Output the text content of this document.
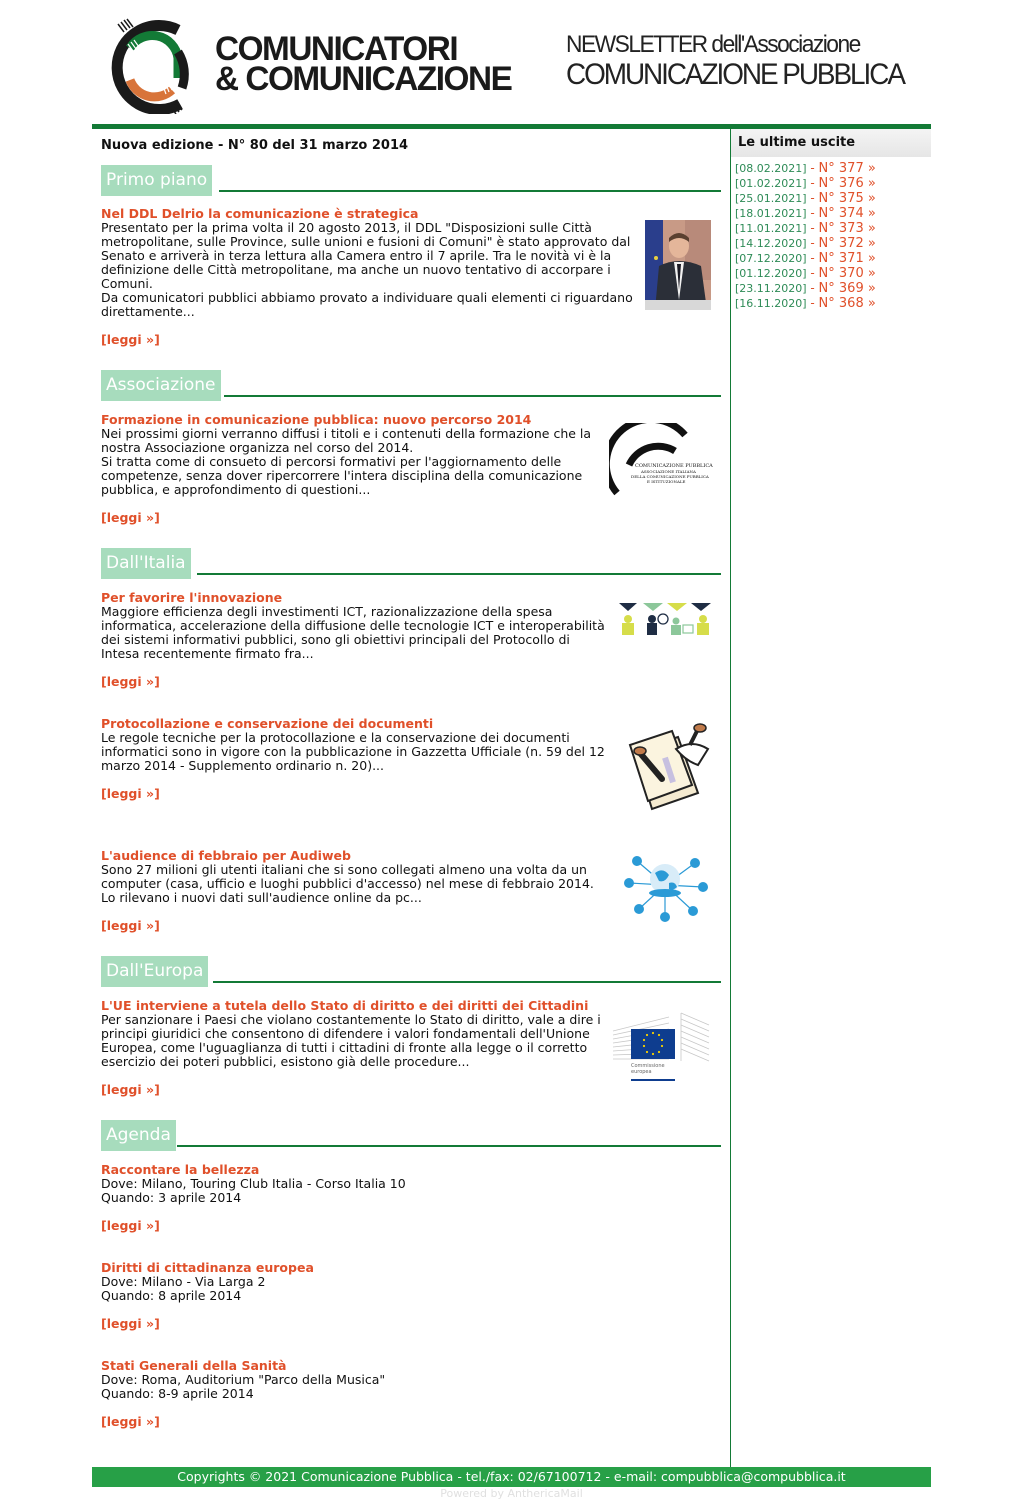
COMUNICATORI
& COMUNICAZIONE
NEWSLETTER dell'Associazione
COMUNICAZIONE PUBBLICA
Nuova edizione - N° 80 del 31 marzo 2014
Primo piano
Nel DDL Delrio la comunicazione è strategica
Presentato per la prima volta il 20 agosto 2013, il DDL "Disposizioni sulle Città metropolitane, sulle Province, sulle unioni e fusioni di Comuni" è stato approvato dal Senato e arriverà in terza lettura alla Camera entro il 7 aprile. Tra le novità vi è la definizione delle Città metropolitane, ma anche un nuovo tentativo di accorpare i Comuni.
Da comunicatori pubblici abbiamo provato a individuare quali elementi ci riguardano direttamente...
[leggi »]
Associazione
Formazione in comunicazione pubblica: nuovo percorso 2014
Nei prossimi giorni verranno diffusi i titoli e i contenuti della formazione che la nostra Associazione organizza nel corso del 2014.
Si tratta come di consueto di percorsi formativi per l'aggiornamento delle competenze, senza dover ripercorrere l'intera disciplina della comunicazione pubblica, e approfondimento di questioni...
[leggi »]
COMUNICAZIONE PUBBLICA
ASSOCIAZIONE ITALIANA
DELLA COMUNICAZIONE PUBBLICA
E ISTITUZIONALE
Dall'Italia
Per favorire l'innovazione
Maggiore efficienza degli investimenti ICT, razionalizzazione della spesa informatica, accelerazione della diffusione delle tecnologie ICT e interoperabilità dei sistemi informativi pubblici, sono gli obiettivi principali del Protocollo di Intesa recentemente firmato fra...
[leggi »]
Protocollazione e conservazione dei documenti
Le regole tecniche per la protocollazione e la conservazione dei documenti informatici sono in vigore con la pubblicazione in Gazzetta Ufficiale (n. 59 del 12 marzo 2014 - Supplemento ordinario n. 20)...
[leggi »]
L'audience di febbraio per Audiweb
Sono 27 milioni gli utenti italiani che si sono collegati almeno una volta da un computer (casa, ufficio e luoghi pubblici d'accesso) nel mese di febbraio 2014. Lo rilevano i nuovi dati sull'audience online da pc...
[leggi »]
Dall'Europa
L'UE interviene a tutela dello Stato di diritto e dei diritti dei Cittadini
Per sanzionare i Paesi che violano costantemente lo Stato di diritto, vale a dire i principi giuridici che consentono di difendere i valori fondamentali dell'Unione Europea, come l'uguaglianza di tutti i cittadini di fronte alla legge o il corretto esercizio dei poteri pubblici, esistono già delle procedure...
[leggi »]
Commissione
europea
Agenda
Raccontare la bellezza
Dove: Milano, Touring Club Italia - Corso Italia 10
Quando: 3 aprile 2014
[leggi »]
Diritti di cittadinanza europea
Dove: Milano - Via Larga 2
Quando: 8 aprile 2014
[leggi »]
Stati Generali della Sanità
Dove: Roma, Auditorium "Parco della Musica"
Quando: 8-9 aprile 2014
[leggi »]
Le ultime uscite
[08.02.2021] - N° 377 »
[01.02.2021] - N° 376 »
[25.01.2021] - N° 375 »
[18.01.2021] - N° 374 »
[11.01.2021] - N° 373 »
[14.12.2020] - N° 372 »
[07.12.2020] - N° 371 »
[01.12.2020] - N° 370 »
[23.11.2020] - N° 369 »
[16.11.2020] - N° 368 »
Copyrights © 2021 Comunicazione Pubblica - tel./fax: 02/67100712 - e-mail: compubblica@compubblica.it
Powered by AnthericaMail
